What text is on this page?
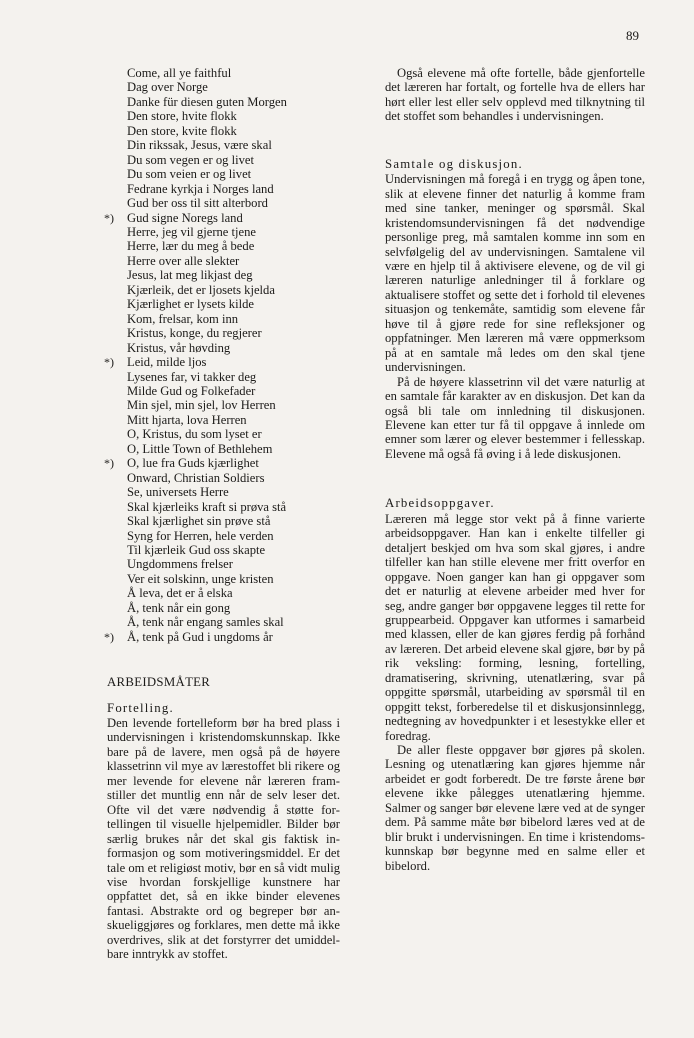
89
Come, all ye faithful
Dag over Norge
Danke für diesen guten Morgen
Den store, hvite flokk
Den store, kvite flokk
Din rikssak, Jesus, være skal
Du som vegen er og livet
Du som veien er og livet
Fedrane kyrkja i Norges land
Gud ber oss til sitt alterbord
*) Gud signe Noregs land
Herre, jeg vil gjerne tjene
Herre, lær du meg å bede
Herre over alle slekter
Jesus, lat meg likjast deg
Kjærleik, det er ljosets kjelda
Kjærlighet er lysets kilde
Kom, frelsar, kom inn
Kristus, konge, du regjerer
Kristus, vår høvding
*) Leid, milde ljos
Lysenes far, vi takker deg
Milde Gud og Folkefader
Min sjel, min sjel, lov Herren
Mitt hjarta, lova Herren
O, Kristus, du som lyset er
O, Little Town of Bethlehem
*) O, lue fra Guds kjærlighet
Onward, Christian Soldiers
Se, universets Herre
Skal kjærleiks kraft si prøva stå
Skal kjærlighet sin prøve stå
Syng for Herren, hele verden
Til kjærleik Gud oss skapte
Ungdommens frelser
Ver eit solskinn, unge kristen
Å leva, det er å elska
Å, tenk når ein gong
Å, tenk når engang samles skal
*) Å, tenk på Gud i ungdoms år
ARBEIDSMÅTER
Fortelling.

Den levende fortelleform bør ha bred plass i undervisningen i kristendomskunnskap. Ikke bare på de lavere, men også på de høyere klassetrinn vil mye av lærestoffet bli rikere og mer levende for elevene når læreren framstiller det muntlig enn når de selv leser det. Ofte vil det være nødvendig å støtte fortellingen til visuelle hjelpemidler. Bilder bør særlig brukes når det skal gis faktisk informasjon og som motiveringsmiddel. Er det tale om et religiøst motiv, bør en så vidt mulig vise hvordan forskjellige kunstnere har oppfattet det, så en ikke binder elevenes fantasi. Abstrakte ord og begreper bør anskueliggjøres og forklares, men dette må ikke overdrives, slik at det forstyrrer det umiddelbare inntrykk av stoffet.

Også elevene må ofte fortelle, både gjenfortelle det læreren har fortalt, og fortelle hva de ellers har hørt eller lest eller selv opplevd med tilknytning til det stoffet som behandles i undervisningen.

Samtale og diskusjon.

Undervisningen må foregå i en trygg og åpen tone, slik at elevene finner det naturlig å komme fram med sine tanker, meninger og spørsmål. Skal kristendomsundervisningen få det nødvendige personlige preg, må samtalen komme inn som en selvfølgelig del av undervisningen. Samtalene vil være en hjelp til å aktivisere elevene, og de vil gi læreren naturlige anledninger til å forklare og aktualisere stoffet og sette det i forhold til elevenes situasjon og tenkemåte, samtidig som elevene får høve til å gjøre rede for sine refleksjoner og oppfatninger. Men læreren må være oppmerksom på at en samtale må ledes om den skal tjene undervisningen.

På de høyere klassetrinn vil det være naturlig at en samtale får karakter av en diskusjon. Det kan da også bli tale om innledning til diskusjonen. Elevene kan etter tur få til oppgave å innlede om emner som lærer og elever bestemmer i fellesskap. Elevene må også få øving i å lede diskusjonen.

Arbeidsoppgaver.

Læreren må legge stor vekt på å finne varierte arbeidsoppgaver. Han kan i enkelte tilfeller gi detaljert beskjed om hva som skal gjøres, i andre tilfeller kan han stille elevene mer fritt overfor en oppgave. Noen ganger kan han gi oppgaver som det er naturlig at elevene arbeider med hver for seg, andre ganger bør oppgavene legges til rette for gruppearbeid. Oppgaver kan utformes i samarbeid med klassen, eller de kan gjøres ferdig på forhånd av læreren. Det arbeid elevene skal gjøre, bør by på rik veksling: forming, lesning, fortelling, dramatisering, skrivning, utenatlæring, svar på oppgitte spørsmål, utarbeiding av spørsmål til en oppgitt tekst, forberedelse til et diskusjonsinnlegg, nedtegning av hovedpunkter i et lesestykke eller et foredrag.

De aller fleste oppgaver bør gjøres på skolen. Lesning og utenatlæring kan gjøres hjemme når arbeidet er godt forberedt. De tre første årene bør elevene ikke pålegges utenatlæring hjemme. Salmer og sanger bør elevene lære ved at de synger dem. På samme måte bør bibelord læres ved at de blir brukt i undervisningen. En time i kristendomskunnskap bør begynne med en salme eller et bibelord.
